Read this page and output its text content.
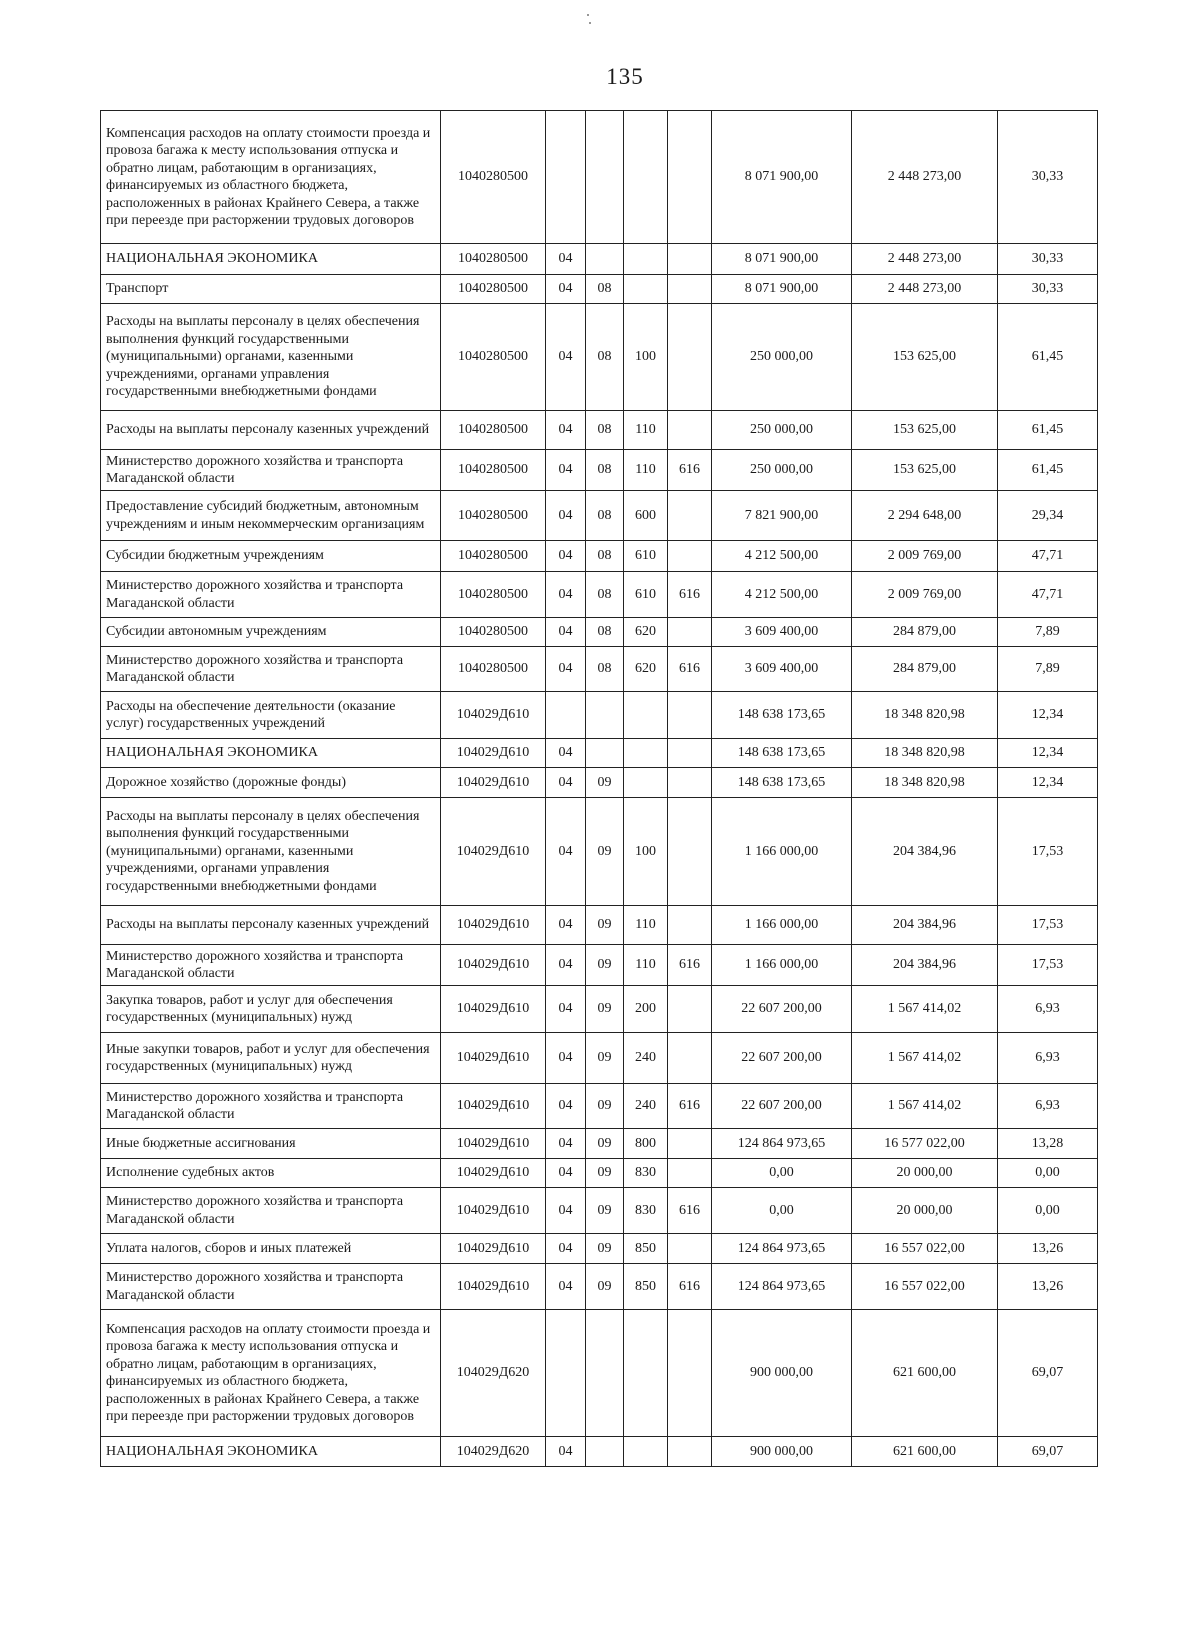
135
Компенсация расходов на оплату стоимости проезда и провоза багажа к месту использования отпуска и обратно лицам, работающим в организациях, финансируемых из областного бюджета, расположенных в районах Крайнего Севера, а также при переезде при расторжении трудовых договоров	1040280500					8 071 900,00	2 448 273,00	30,33
НАЦИОНАЛЬНАЯ ЭКОНОМИКА	1040280500	04				8 071 900,00	2 448 273,00	30,33
Транспорт	1040280500	04	08			8 071 900,00	2 448 273,00	30,33
Расходы на выплаты персоналу в целях обеспечения выполнения функций государственными (муниципальными) органами, казенными учреждениями, органами управления государственными внебюджетными фондами	1040280500	04	08	100		250 000,00	153 625,00	61,45
Расходы на выплаты персоналу казенных учреждений	1040280500	04	08	110		250 000,00	153 625,00	61,45
Министерство дорожного хозяйства и транспорта Магаданской области	1040280500	04	08	110	616	250 000,00	153 625,00	61,45
Предоставление субсидий бюджетным, автономным учреждениям и иным некоммерческим организациям	1040280500	04	08	600		7 821 900,00	2 294 648,00	29,34
Субсидии бюджетным учреждениям	1040280500	04	08	610		4 212 500,00	2 009 769,00	47,71
Министерство дорожного хозяйства и транспорта Магаданской области	1040280500	04	08	610	616	4 212 500,00	2 009 769,00	47,71
Субсидии автономным учреждениям	1040280500	04	08	620		3 609 400,00	284 879,00	7,89
Министерство дорожного хозяйства и транспорта Магаданской области	1040280500	04	08	620	616	3 609 400,00	284 879,00	7,89
Расходы на обеспечение деятельности (оказание услуг) государственных учреждений	104029Д610					148 638 173,65	18 348 820,98	12,34
НАЦИОНАЛЬНАЯ ЭКОНОМИКА	104029Д610	04				148 638 173,65	18 348 820,98	12,34
Дорожное хозяйство (дорожные фонды)	104029Д610	04	09			148 638 173,65	18 348 820,98	12,34
Расходы на выплаты персоналу в целях обеспечения выполнения функций государственными (муниципальными) органами, казенными учреждениями, органами управления государственными внебюджетными фондами	104029Д610	04	09	100		1 166 000,00	204 384,96	17,53
Расходы на выплаты персоналу казенных учреждений	104029Д610	04	09	110		1 166 000,00	204 384,96	17,53
Министерство дорожного хозяйства и транспорта Магаданской области	104029Д610	04	09	110	616	1 166 000,00	204 384,96	17,53
Закупка товаров, работ и услуг для обеспечения государственных (муниципальных) нужд	104029Д610	04	09	200		22 607 200,00	1 567 414,02	6,93
Иные закупки товаров, работ и услуг для обеспечения государственных (муниципальных) нужд	104029Д610	04	09	240		22 607 200,00	1 567 414,02	6,93
Министерство дорожного хозяйства и транспорта Магаданской области	104029Д610	04	09	240	616	22 607 200,00	1 567 414,02	6,93
Иные бюджетные ассигнования	104029Д610	04	09	800		124 864 973,65	16 577 022,00	13,28
Исполнение судебных актов	104029Д610	04	09	830		0,00	20 000,00	0,00
Министерство дорожного хозяйства и транспорта Магаданской области	104029Д610	04	09	830	616	0,00	20 000,00	0,00
Уплата налогов, сборов и иных платежей	104029Д610	04	09	850		124 864 973,65	16 557 022,00	13,26
Министерство дорожного хозяйства и транспорта Магаданской области	104029Д610	04	09	850	616	124 864 973,65	16 557 022,00	13,26
Компенсация расходов на оплату стоимости проезда и провоза багажа к месту использования отпуска и обратно лицам, работающим в организациях, финансируемых из областного бюджета, расположенных в районах Крайнего Севера, а также при переезде при расторжении трудовых договоров	104029Д620					900 000,00	621 600,00	69,07
НАЦИОНАЛЬНАЯ ЭКОНОМИКА	104029Д620	04				900 000,00	621 600,00	69,07
